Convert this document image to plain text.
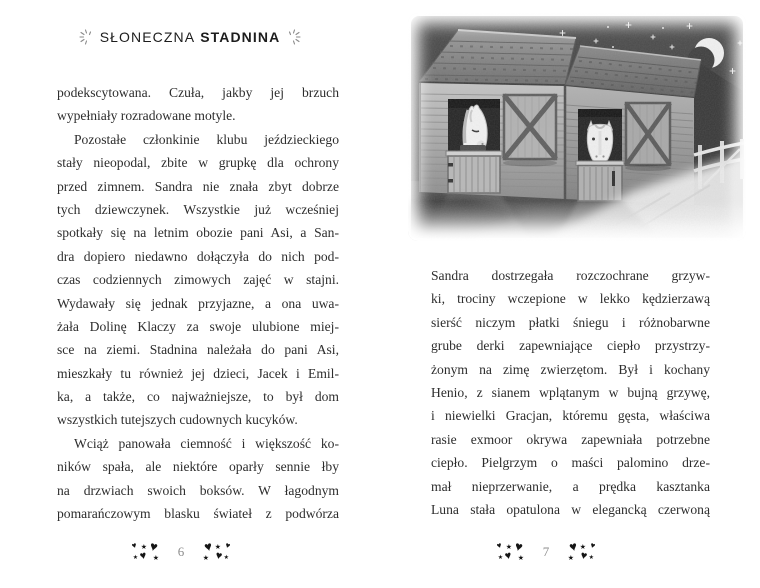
SŁONECZNA STADNINA
podekscytowana. Czuła, jakby jej brzuch
wypełniały rozradowane motyle.
Pozostałe członkinie klubu jeździeckiego
stały nieopodal, zbite w grupkę dla ochrony
przed zimnem. Sandra nie znała zbyt dobrze
tych dziewczynek. Wszystkie już wcześniej
spotkały się na letnim obozie pani Asi, a San-
dra dopiero niedawno dołączyła do nich pod-
czas codziennych zimowych zajęć w stajni.
Wydawały się jednak przyjazne, a ona uwa-
żała Dolinę Klaczy za swoje ulubione miej-
sce na ziemi. Stadnina należała do pani Asi,
mieszkały tu również jej dzieci, Jacek i Emil-
ka, a także, co najważniejsze, to był dom
wszystkich tutejszych cudownych kucyków.
Wciąż panowała ciemność i większość ko-
ników spała, ale niektóre oparły sennie łby
na drzwiach swoich boksów. W łagodnym
pomarańczowym blasku świateł z podwórza
Sandra dostrzegała rozczochrane grzyw-
ki, trociny wczepione w lekko kędzierzawą
sierść niczym płatki śniegu i różnobarwne
grube derki zapewniające ciepło przystrzy-
żonym na zimę zwierzętom. Był i kochany
Henio, z sianem wplątanym w bujną grzywę,
i niewielki Gracjan, któremu gęsta, właściwa
rasie exmoor okrywa zapewniała potrzebne
ciepło. Pielgrzym o maści palomino drze-
mał nieprzerwanie, a prędka kasztanka
Luna stała opatulona w elegancką czerwoną
♥ ★ ♥
★ ♥ ★ 6	♥
★
♥
★
♥
★
♥ ★ ♥
★ ♥ ★ 7	♥
★
♥
★
♥
★
